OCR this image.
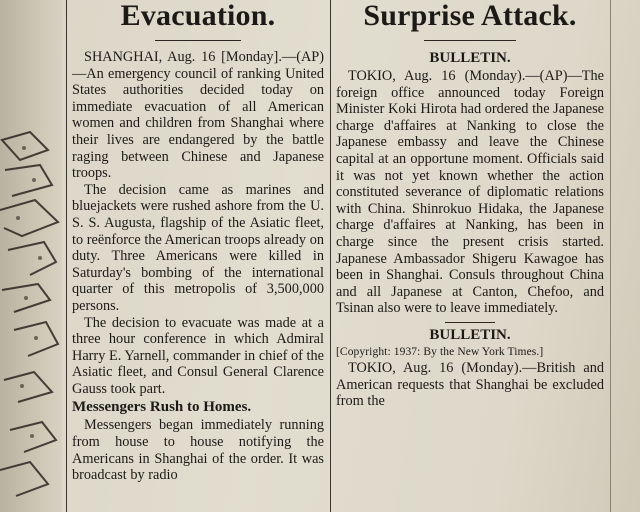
Evacuation.

SHANGHAI, Aug. 16 [Monday].—(AP)—An emergency council of ranking United States authorities decided today on immediate evacuation of all American women and children from Shanghai where their lives are endangered by the battle raging between Chinese and Japanese troops.

The decision came as marines and bluejackets were rushed ashore from the U. S. S. Augusta, flagship of the Asiatic fleet, to reënforce the American troops already on duty. Three Americans were killed in Saturday's bombing of the international quarter of this metropolis of 3,500,000 persons.

The decision to evacuate was made at a three hour conference in which Admiral Harry E. Yarnell, commander in chief of the Asiatic fleet, and Consul General Clarence Gauss took part.

Messengers Rush to Homes.

Messengers began immediately running from house to house notifying the Americans in Shanghai of the order. It was broadcast by radio

Surprise Attack.
BULLETIN.

TOKIO, Aug. 16 (Monday).—(AP)—The foreign office announced today Foreign Minister Koki Hirota had ordered the Japanese charge d'affaires at Nanking to close the Japanese embassy and leave the Chinese capital at an opportune moment. Officials said it was not yet known whether the action constituted severance of diplomatic relations with China. Shinrokuo Hidaka, the Japanese charge d'affaires at Nanking, has been in charge since the present crisis started. Japanese Ambassador Shigeru Kawagoe has been in Shanghai. Consuls throughout China and all Japanese at Canton, Chefoo, and Tsinan also were to leave immediately.

BULLETIN.
[Copyright: 1937: By the New York Times.]

TOKIO, Aug. 16 (Monday).—British and American requests that Shanghai be excluded from the
